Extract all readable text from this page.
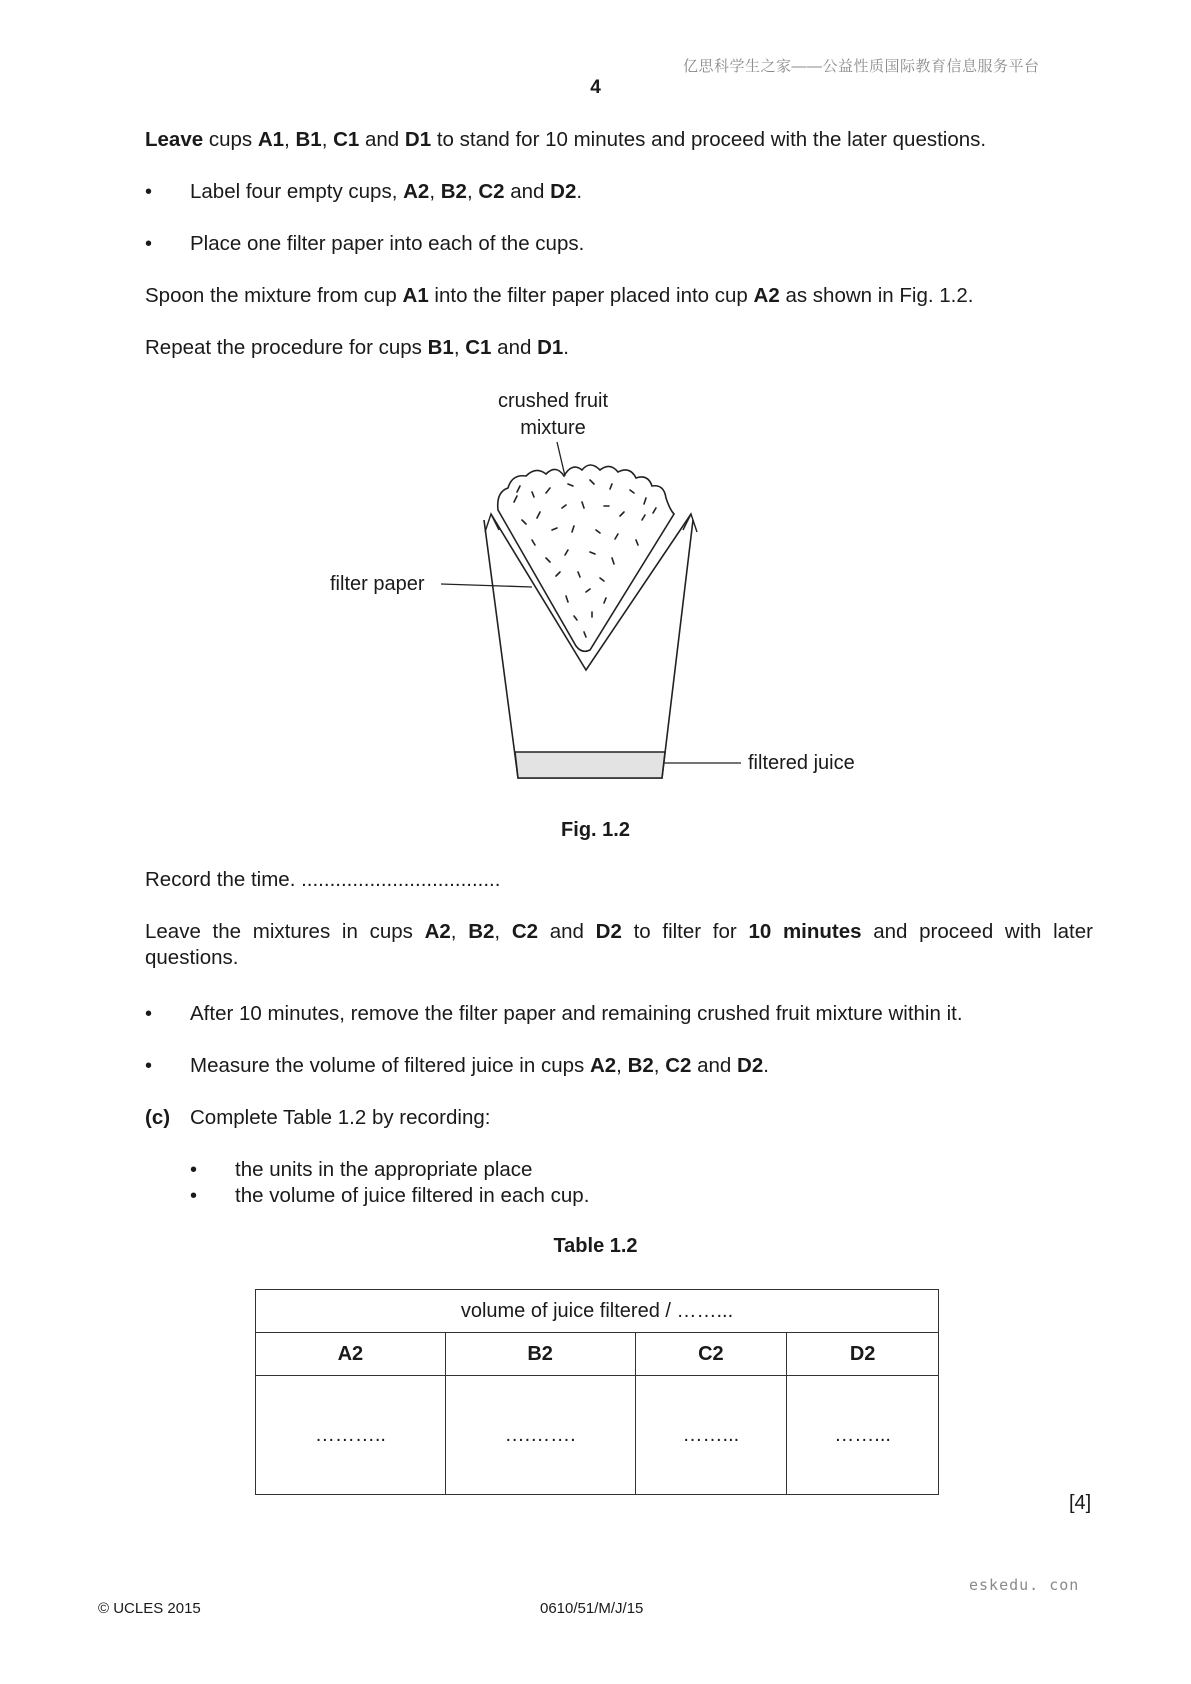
亿思科学生之家——公益性质国际教育信息服务平台
4
Leave cups A1, B1, C1 and D1 to stand for 10 minutes and proceed with the later questions.
• Label four empty cups, A2, B2, C2 and D2.
• Place one filter paper into each of the cups.
Spoon the mixture from cup A1 into the filter paper placed into cup A2 as shown in Fig. 1.2.
Repeat the procedure for cups B1, C1 and D1.
crushed fruit
mixture
filter paper
filtered juice
Fig. 1.2
Record the time. ...................................
Leave the mixtures in cups A2, B2, C2 and D2 to filter for 10 minutes and proceed with later
questions.
• After 10 minutes, remove the filter paper and remaining crushed fruit mixture within it.
• Measure the volume of filtered juice in cups A2, B2, C2 and D2.
(c) Complete Table 1.2 by recording:
• the units in the appropriate place
• the volume of juice filtered in each cup.
Table 1.2
volume of juice filtered / ……...			
A2	B2	C2	D2
………..	….…….	……...	……...
[4]
eskedu. con
© UCLES 2015	0610/51/M/J/15
